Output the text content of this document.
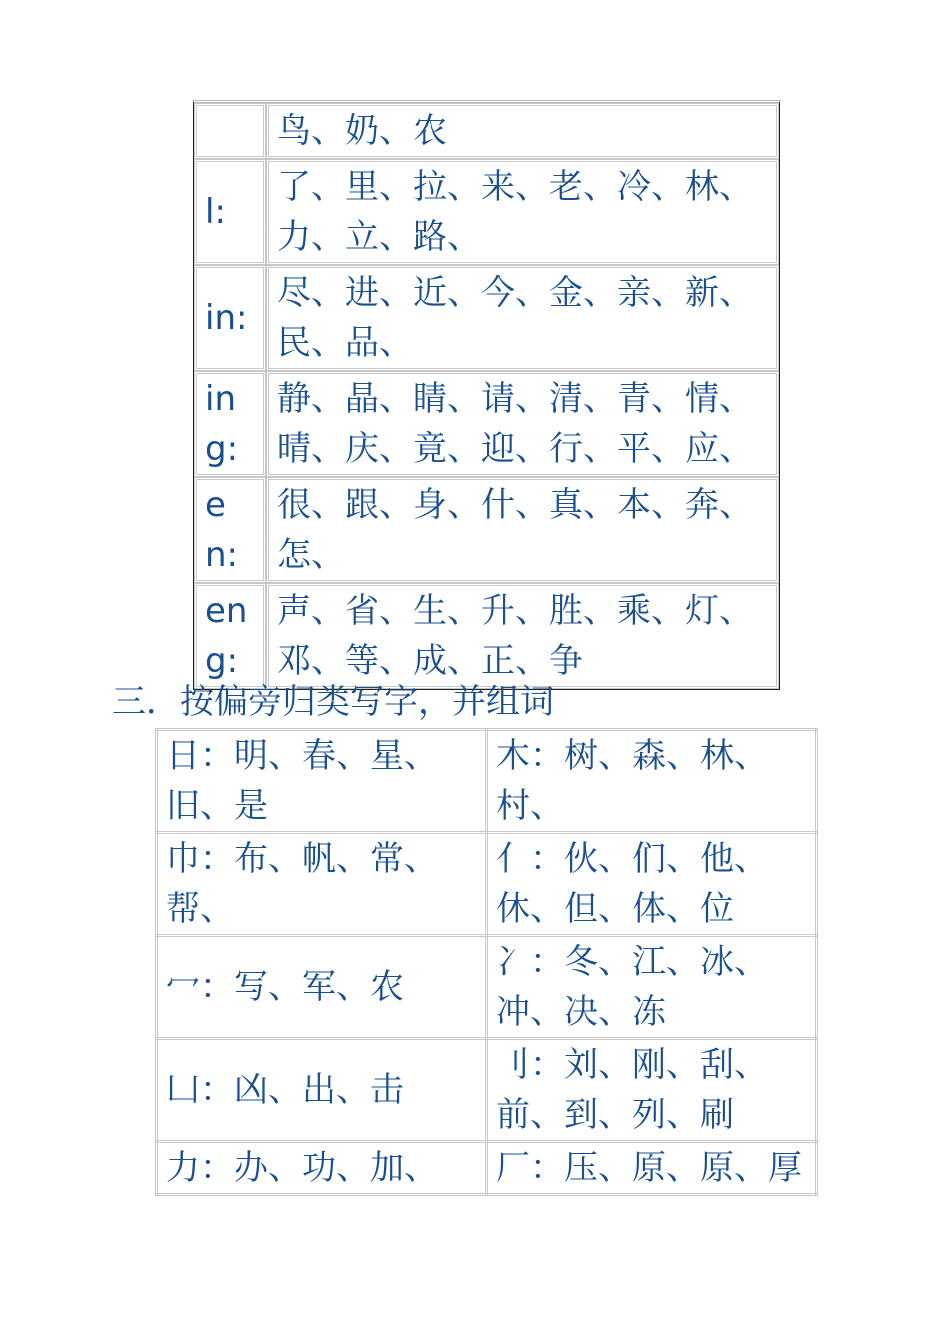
	鸟、奶、农
l:	了、里、拉、来、老、冷、林、力、立、路、
in:	尽、进、近、今、金、亲、新、民、品、
ing:	静、晶、睛、请、清、青、情、晴、庆、竟、迎、行、平、应、
en:	很、跟、身、什、真、本、奔、怎、
eng:	声、省、生、升、胜、乘、灯、邓、等、成、正、争
三．按偏旁归类写字，并组词
日：明、春、星、旧、是	木：树、森、林、村、
巾：布、帆、常、帮、	亻：伙、们、他、休、但、体、位
冖：写、军、农	冫：冬、江、冰、冲、决、冻
凵：凶、出、击	刂：刘、刚、刮、前、到、列、刷
力：办、功、加、	厂：压、原、原、厚
